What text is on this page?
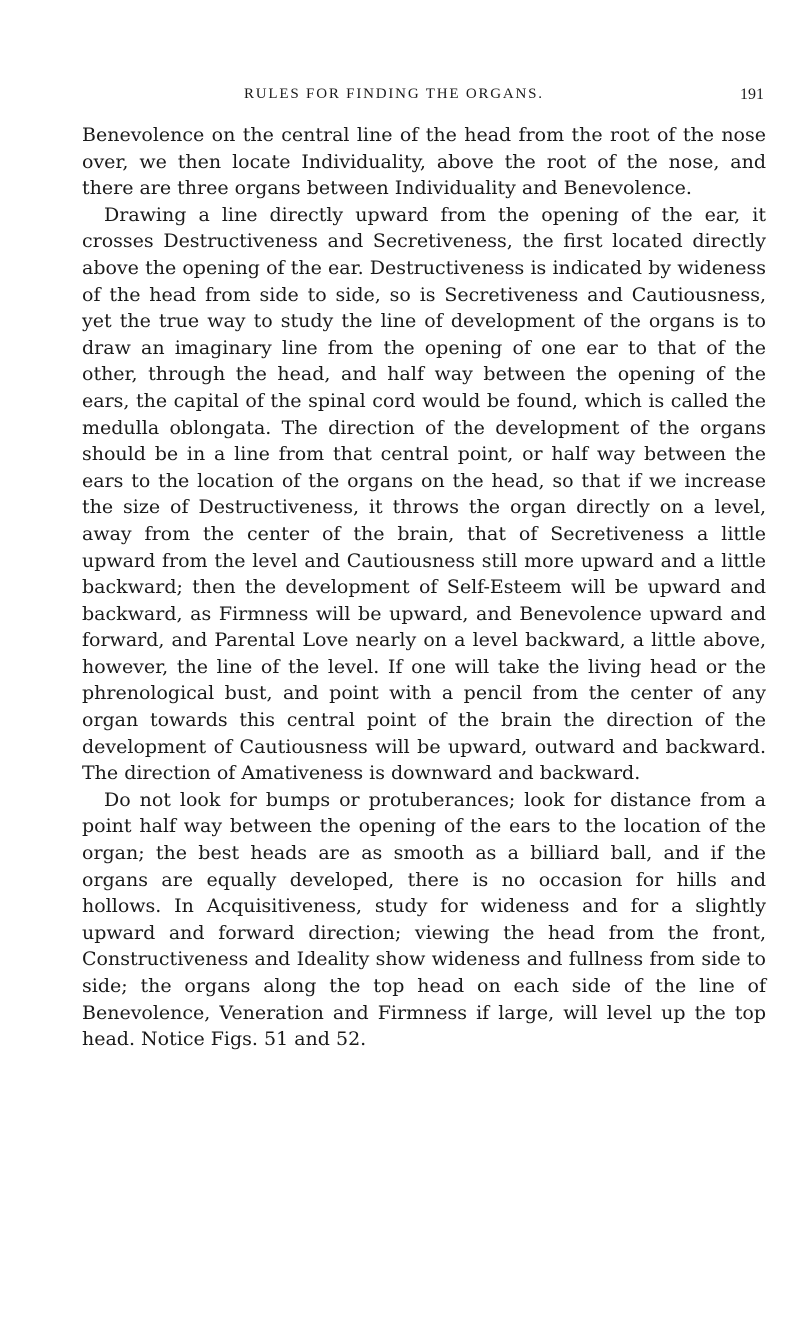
RULES FOR FINDING THE ORGANS.	191

Benevolence on the central line of the head from the root of the nose over, we then locate Individuality, above the root of the nose, and there are three organs between Individuality and Benevolence.

Drawing a line directly upward from the opening of the ear, it crosses Destructiveness and Secretiveness, the first located directly above the opening of the ear. Destructiveness is indicated by wideness of the head from side to side, so is Secretiveness and Cautiousness, yet the true way to study the line of development of the organs is to draw an imaginary line from the opening of one ear to that of the other, through the head, and half way between the opening of the ears, the capital of the spinal cord would be found, which is called the medulla oblongata. The direction of the development of the organs should be in a line from that central point, or half way between the ears to the location of the organs on the head, so that if we increase the size of Destructiveness, it throws the organ directly on a level, away from the center of the brain, that of Secretiveness a little upward from the level and Cautiousness still more upward and a little backward; then the development of Self-Esteem will be upward and backward, as Firmness will be upward, and Benevolence upward and forward, and Parental Love nearly on a level backward, a little above, however, the line of the level. If one will take the living head or the phrenological bust, and point with a pencil from the center of any organ towards this central point of the brain the direction of the development of Cautiousness will be upward, outward and backward. The direction of Amativeness is downward and backward.

Do not look for bumps or protuberances; look for distance from a point half way between the opening of the ears to the location of the organ; the best heads are as smooth as a billiard ball, and if the organs are equally developed, there is no occasion for hills and hollows. In Acquisitiveness, study for wideness and for a slightly upward and forward direction; viewing the head from the front, Constructiveness and Ideality show wideness and fullness from side to side; the organs along the top head on each side of the line of Benevolence, Veneration and Firmness if large, will level up the top head. Notice Figs. 51 and 52.
